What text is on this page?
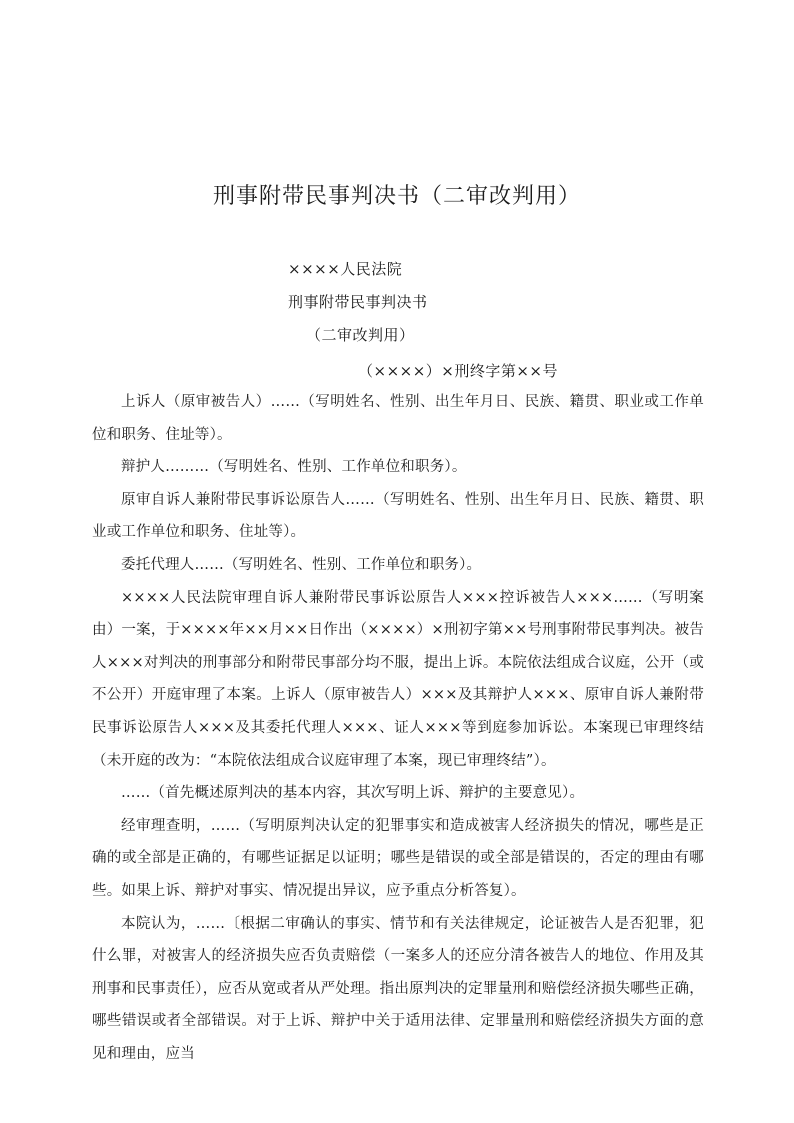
刑事附带民事判决书（二审改判用）
××××人民法院
刑事附带民事判决书
（二审改判用）
（××××）×刑终字第××号

上诉人（原审被告人）……（写明姓名、性别、出生年月日、民族、籍贯、职业或工作单位和职务、住址等）。

辩护人………（写明姓名、性别、工作单位和职务）。

原审自诉人兼附带民事诉讼原告人……（写明姓名、性别、出生年月日、民族、籍贯、职业或工作单位和职务、住址等）。

委托代理人……（写明姓名、性别、工作单位和职务）。

××××人民法院审理自诉人兼附带民事诉讼原告人×××控诉被告人×××……（写明案由）一案，于××××年××月××日作出（××××）×刑初字第××号刑事附带民事判决。被告人×××对判决的刑事部分和附带民事部分均不服，提出上诉。本院依法组成合议庭，公开（或不公开）开庭审理了本案。上诉人（原审被告人）×××及其辩护人×××、原审自诉人兼附带民事诉讼原告人×××及其委托代理人×××、证人×××等到庭参加诉讼。本案现已审理终结（未开庭的改为：“本院依法组成合议庭审理了本案，现已审理终结”）。

……（首先概述原判决的基本内容，其次写明上诉、辩护的主要意见）。

经审理查明，……（写明原判决认定的犯罪事实和造成被害人经济损失的情况，哪些是正确的或全部是正确的，有哪些证据足以证明；哪些是错误的或全部是错误的，否定的理由有哪些。如果上诉、辩护对事实、情况提出异议，应予重点分析答复）。

本院认为，……〔根据二审确认的事实、情节和有关法律规定，论证被告人是否犯罪，犯什么罪，对被害人的经济损失应否负责赔偿（一案多人的还应分清各被告人的地位、作用及其刑事和民事责任），应否从宽或者从严处理。指出原判决的定罪量刑和赔偿经济损失哪些正确，哪些错误或者全部错误。对于上诉、辩护中关于适用法律、定罪量刑和赔偿经济损失方面的意见和理由，应当
